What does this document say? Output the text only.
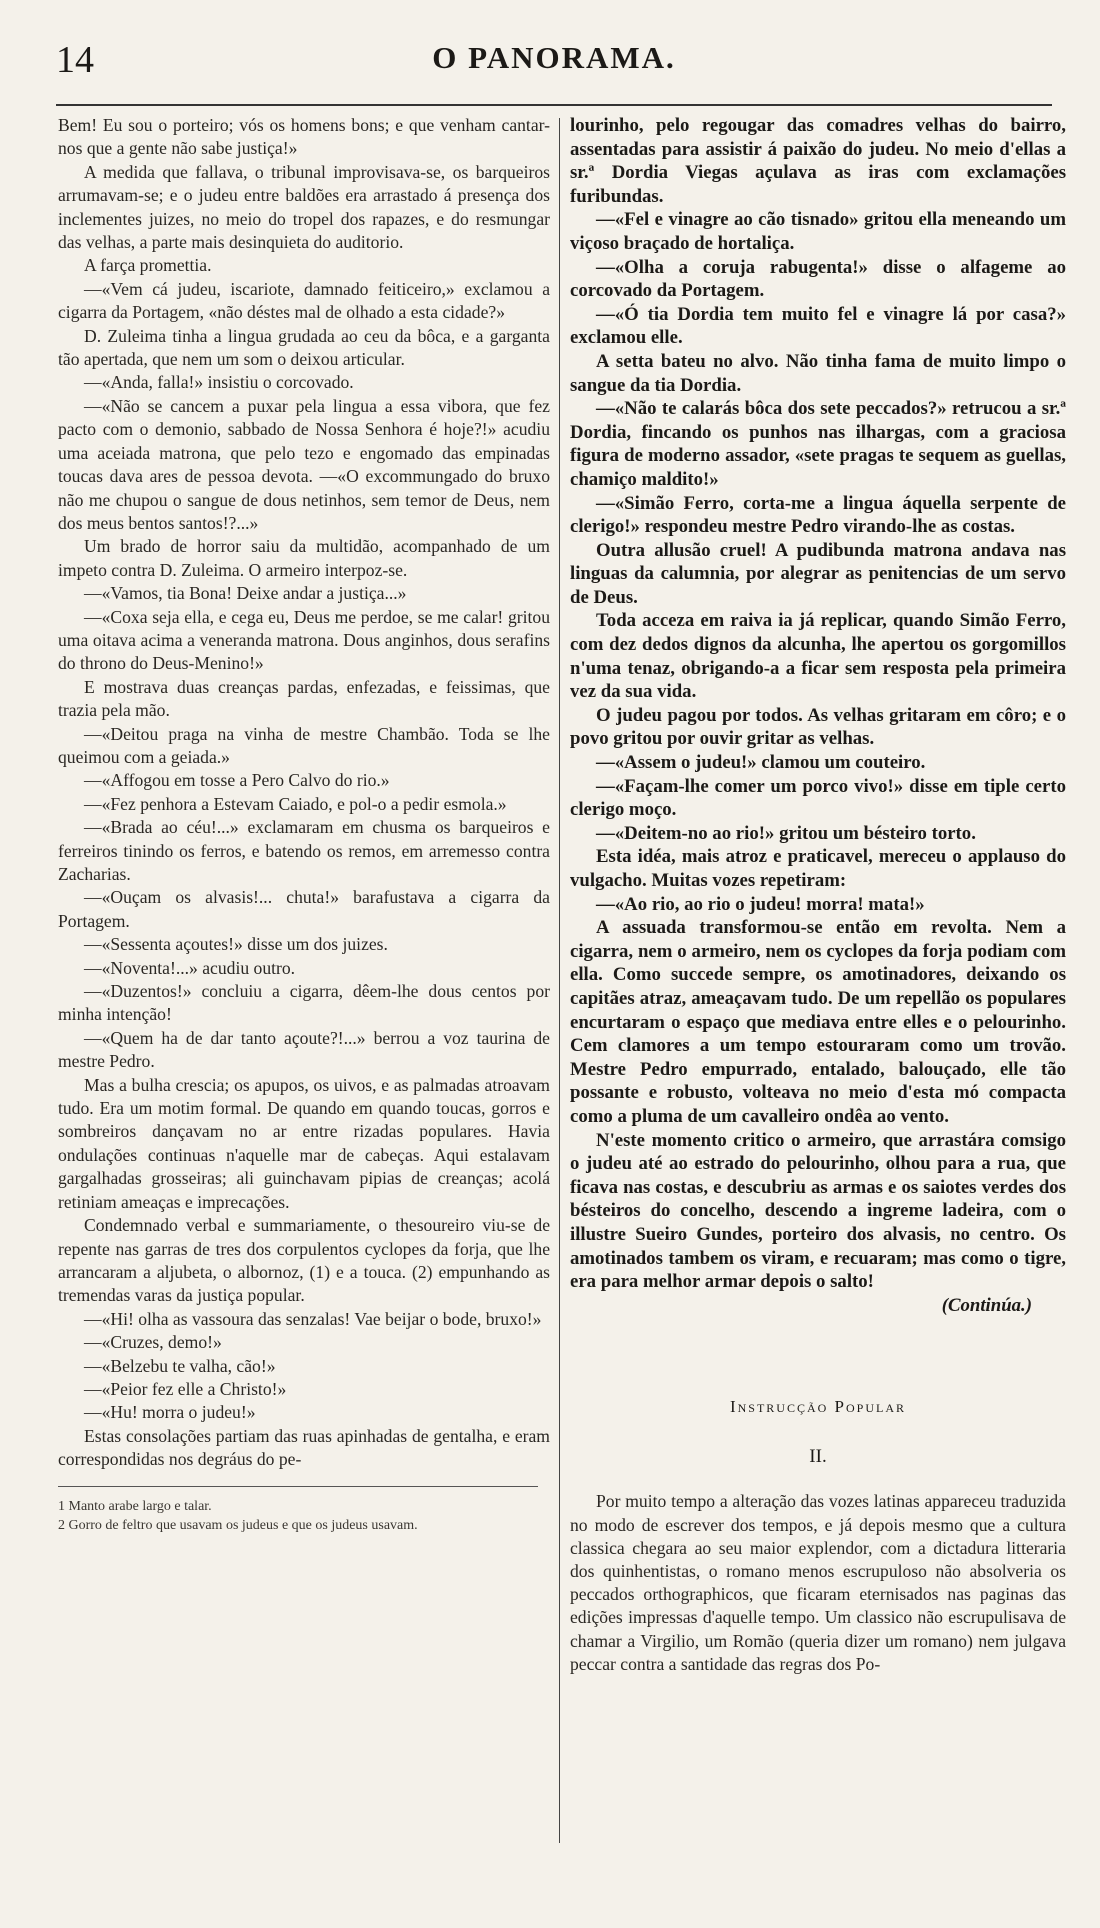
14	O PANORAMA.

Bem! Eu sou o porteiro; vós os homens bons; e que venham cantar-nos que a gente não sabe justiça!»

A medida que fallava, o tribunal improvisava-se, os barqueiros arrumavam-se; e o judeu entre baldões era arrastado á presença dos inclementes juizes, no meio do tropel dos rapazes, e do resmungar das velhas, a parte mais desinquieta do auditorio.

A farça promettia.

—«Vem cá judeu, iscariote, damnado feiticeiro,» exclamou a cigarra da Portagem, «não déstes mal de olhado a esta cidade?»

D. Zuleima tinha a lingua grudada ao ceu da bôca, e a garganta tão apertada, que nem um som o deixou articular.

—«Anda, falla!» insistiu o corcovado.

—«Não se cancem a puxar pela lingua a essa vibora, que fez pacto com o demonio, sabbado de Nossa Senhora é hoje?!» acudiu uma aceiada matrona, que pelo tezo e engomado das empinadas toucas dava ares de pessoa devota. —«O excommungado do bruxo não me chupou o sangue de dous netinhos, sem temor de Deus, nem dos meus bentos santos!?...»

Um brado de horror saiu da multidão, acompanhado de um impeto contra D. Zuleima. O armeiro interpoz-se.

—«Vamos, tia Bona! Deixe andar a justiça...»

—«Coxa seja ella, e cega eu, Deus me perdoe, se me calar! gritou uma oitava acima a veneranda matrona. Dous anginhos, dous serafins do throno do Deus-Menino!»

E mostrava duas creanças pardas, enfezadas, e feissimas, que trazia pela mão.

—«Deitou praga na vinha de mestre Chambão. Toda se lhe queimou com a geiada.»

—«Affogou em tosse a Pero Calvo do rio.»

—«Fez penhora a Estevam Caiado, e pol-o a pedir esmola.»

—«Brada ao céu!...» exclamaram em chusma os barqueiros e ferreiros tinindo os ferros, e batendo os remos, em arremesso contra Zacharias.

—«Ouçam os alvasis!... chuta!» barafustava a cigarra da Portagem.

—«Sessenta açoutes!» disse um dos juizes.

—«Noventa!...» acudiu outro.

—«Duzentos!» concluiu a cigarra, dêem-lhe dous centos por minha intenção!

—«Quem ha de dar tanto açoute?!...» berrou a voz taurina de mestre Pedro.

Mas a bulha crescia; os apupos, os uivos, e as palmadas atroavam tudo. Era um motim formal. De quando em quando toucas, gorros e sombreiros dançavam no ar entre rizadas populares. Havia ondulações continuas n'aquelle mar de cabeças. Aqui estalavam gargalhadas grosseiras; ali guinchavam pipias de creanças; acolá retiniam ameaças e imprecações.

Condemnado verbal e summariamente, o thesoureiro viu-se de repente nas garras de tres dos corpulentos cyclopes da forja, que lhe arrancaram a aljubeta, o albornoz, (1) e a touca. (2) empunhando as tremendas varas da justiça popular.

—«Hi! olha as vassoura das senzalas! Vae beijar o bode, bruxo!»

—«Cruzes, demo!»

—«Belzebu te valha, cão!»

—«Peior fez elle a Christo!»

—«Hu! morra o judeu!»

Estas consolações partiam das ruas apinhadas de gentalha, e eram correspondidas nos degráus do pe-

1 Manto arabe largo e talar.

2 Gorro de feltro que usavam os judeus e que os judeus usavam.

lourinho, pelo regougar das comadres velhas do bairro, assentadas para assistir á paixão do judeu. No meio d'ellas a sr.ª Dordia Viegas açulava as iras com exclamações furibundas.

—«Fel e vinagre ao cão tisnado» gritou ella meneando um viçoso braçado de hortaliça.

—«Olha a coruja rabugenta!» disse o alfageme ao corcovado da Portagem.

—«Ó tia Dordia tem muito fel e vinagre lá por casa?» exclamou elle.

A setta bateu no alvo. Não tinha fama de muito limpo o sangue da tia Dordia.

—«Não te calarás bôca dos sete peccados?» retrucou a sr.ª Dordia, fincando os punhos nas ilhargas, com a graciosa figura de moderno assador, «sete pragas te sequem as guellas, chamiço maldito!»

—«Simão Ferro, corta-me a lingua áquella serpente de clerigo!» respondeu mestre Pedro virando-lhe as costas.

Outra allusão cruel! A pudibunda matrona andava nas linguas da calumnia, por alegrar as penitencias de um servo de Deus.

Toda acceza em raiva ia já replicar, quando Simão Ferro, com dez dedos dignos da alcunha, lhe apertou os gorgomillos n'uma tenaz, obrigando-a a ficar sem resposta pela primeira vez da sua vida.

O judeu pagou por todos. As velhas gritaram em côro; e o povo gritou por ouvir gritar as velhas.

—«Assem o judeu!» clamou um couteiro.

—«Façam-lhe comer um porco vivo!» disse em tiple certo clerigo moço.

—«Deitem-no ao rio!» gritou um bésteiro torto.

Esta idéa, mais atroz e praticavel, mereceu o applauso do vulgacho. Muitas vozes repetiram:

—«Ao rio, ao rio o judeu! morra! mata!»

A assuada transformou-se então em revolta. Nem a cigarra, nem o armeiro, nem os cyclopes da forja podiam com ella. Como succede sempre, os amotinadores, deixando os capitães atraz, ameaçavam tudo. De um repellão os populares encurtaram o espaço que mediava entre elles e o pelourinho. Cem clamores a um tempo estouraram como um trovão. Mestre Pedro empurrado, entalado, balouçado, elle tão possante e robusto, volteava no meio d'esta mó compacta como a pluma de um cavalleiro ondêa ao vento.

N'este momento critico o armeiro, que arrastára comsigo o judeu até ao estrado do pelourinho, olhou para a rua, que ficava nas costas, e descubriu as armas e os saiotes verdes dos bésteiros do concelho, descendo a ingreme ladeira, com o illustre Sueiro Gundes, porteiro dos alvasis, no centro. Os amotinados tambem os viram, e recuaram; mas como o tigre, era para melhor armar depois o salto!

(Continúa.)

Instrucção Popular

II.

Por muito tempo a alteração das vozes latinas appareceu traduzida no modo de escrever dos tempos, e já depois mesmo que a cultura classica chegara ao seu maior explendor, com a dictadura litteraria dos quinhentistas, o romano menos escrupuloso não absolveria os peccados orthographicos, que ficaram eternisados nas paginas das edições impressas d'aquelle tempo. Um classico não escrupulisava de chamar a Virgilio, um Romão (queria dizer um romano) nem julgava peccar contra a santidade das regras dos Po-
